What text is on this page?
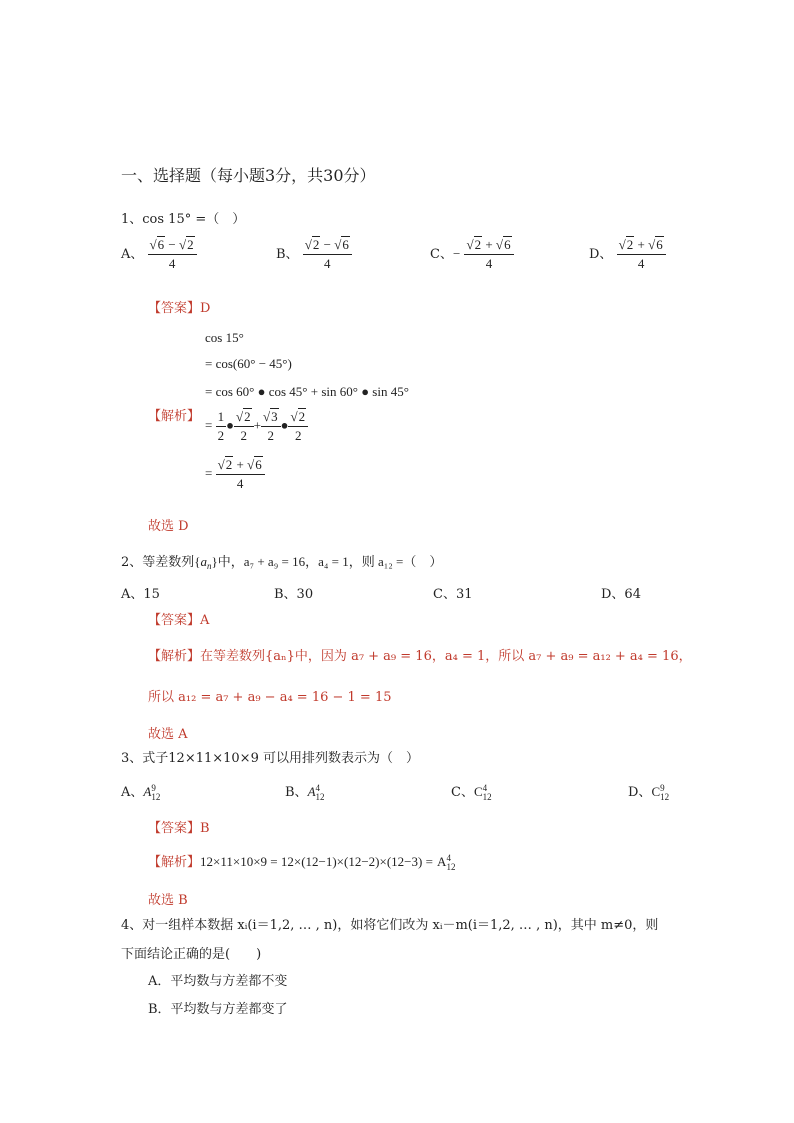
一、选择题（每小题3分，共30分）
1、cos 15° =（　）
A、 $\frac{√6 - √2}{4}$	B、 $\frac{√2 - √6}{4}$	C、− $\frac{√2 + √6}{4}$	D、 $\frac{√2 + √6}{4}$
【答案】D
cos 15°
= cos(60° − 45°)
= cos 60° ● cos 45° + sin 60° ● sin 45°
【解析】
= $\frac{1}{2}$ ● $\frac{√2}{2} + \frac{√3}{2}$ ● $\frac{√2}{2}$
= $\frac{√2 + √6}{4}$
故选 D
2、等差数列$\{a_n\}$中，a₇ + a₉ = 16，a₄ = 1，则 a₁₂ =（　）
A、15	B、30	C、31	D、64
【答案】A
【解析】在等差数列{aₙ}中，因为 a₇ + a₉ = 16，a₄ = 1，所以 a₇ + a₉ = a₁₂ + a₄ = 16，
所以 a₁₂ = a₇ + a₉ − a₄ = 16 − 1 = 15
故选 A
3、式子12×11×10×9 可以用排列数表示为（　）
A、A 9
12	B、A 4
12	C、C 4
12	D、C 9
12
【答案】B
【解析】12×11×10×9 = 12×(12−1)×(12−2)×(12−3) = A 4
12
故选 B
4、对一组样本数据 xᵢ(i＝1,2, … , n)，如将它们改为 xᵢ－m(i＝1,2, … , n)，其中 m≠0，则
下面结论正确的是(　　)
A．平均数与方差都不变
B．平均数与方差都变了
